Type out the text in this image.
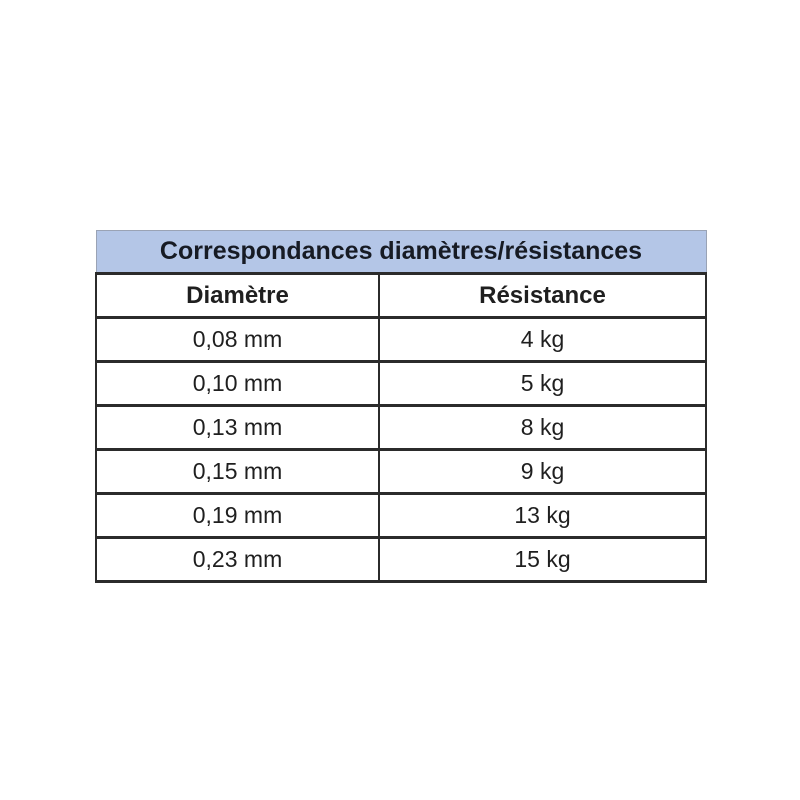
Correspondances diamètres/résistances	
Diamètre	Résistance
0,08 mm	4 kg
0,10 mm	5 kg
0,13 mm	8 kg
0,15 mm	9 kg
0,19 mm	13 kg
0,23 mm	15 kg
